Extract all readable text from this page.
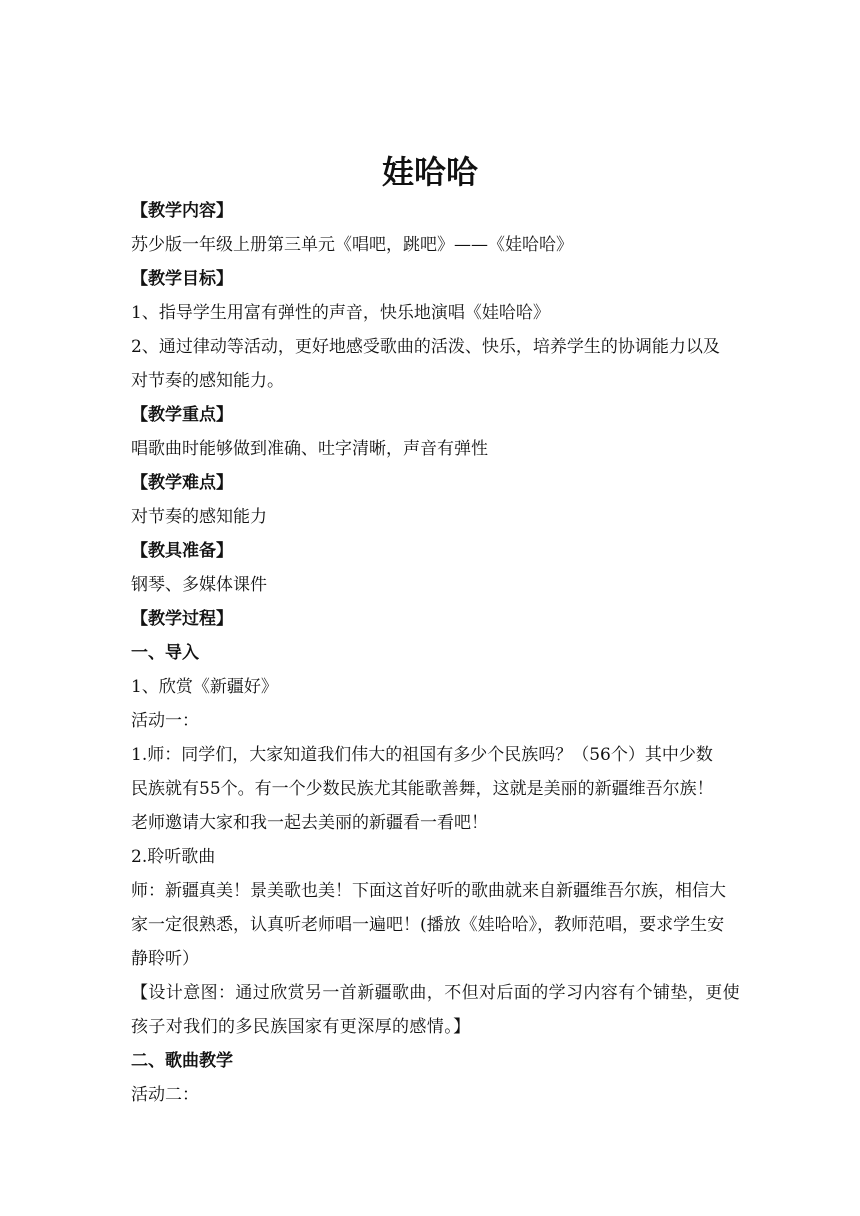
娃哈哈
【教学内容】
苏少版一年级上册第三单元《唱吧，跳吧》——《娃哈哈》
【教学目标】
1、指导学生用富有弹性的声音，快乐地演唱《娃哈哈》
2、通过律动等活动，更好地感受歌曲的活泼、快乐，培养学生的协调能力以及
对节奏的感知能力。
【教学重点】
唱歌曲时能够做到准确、吐字清晰，声音有弹性
【教学难点】
对节奏的感知能力
【教具准备】
钢琴、多媒体课件
【教学过程】
一、导入
1、欣赏《新疆好》
活动一：
1.师：同学们，大家知道我们伟大的祖国有多少个民族吗？（56个）其中少数
民族就有55个。有一个少数民族尤其能歌善舞，这就是美丽的新疆维吾尔族！
老师邀请大家和我一起去美丽的新疆看一看吧！
2.聆听歌曲
师：新疆真美！景美歌也美！下面这首好听的歌曲就来自新疆维吾尔族，相信大
家一定很熟悉，认真听老师唱一遍吧！(播放《娃哈哈》，教师范唱，要求学生安
静聆听）
【设计意图：通过欣赏另一首新疆歌曲，不但对后面的学习内容有个铺垫，更使
孩子对我们的多民族国家有更深厚的感情。】
二、歌曲教学
活动二：
